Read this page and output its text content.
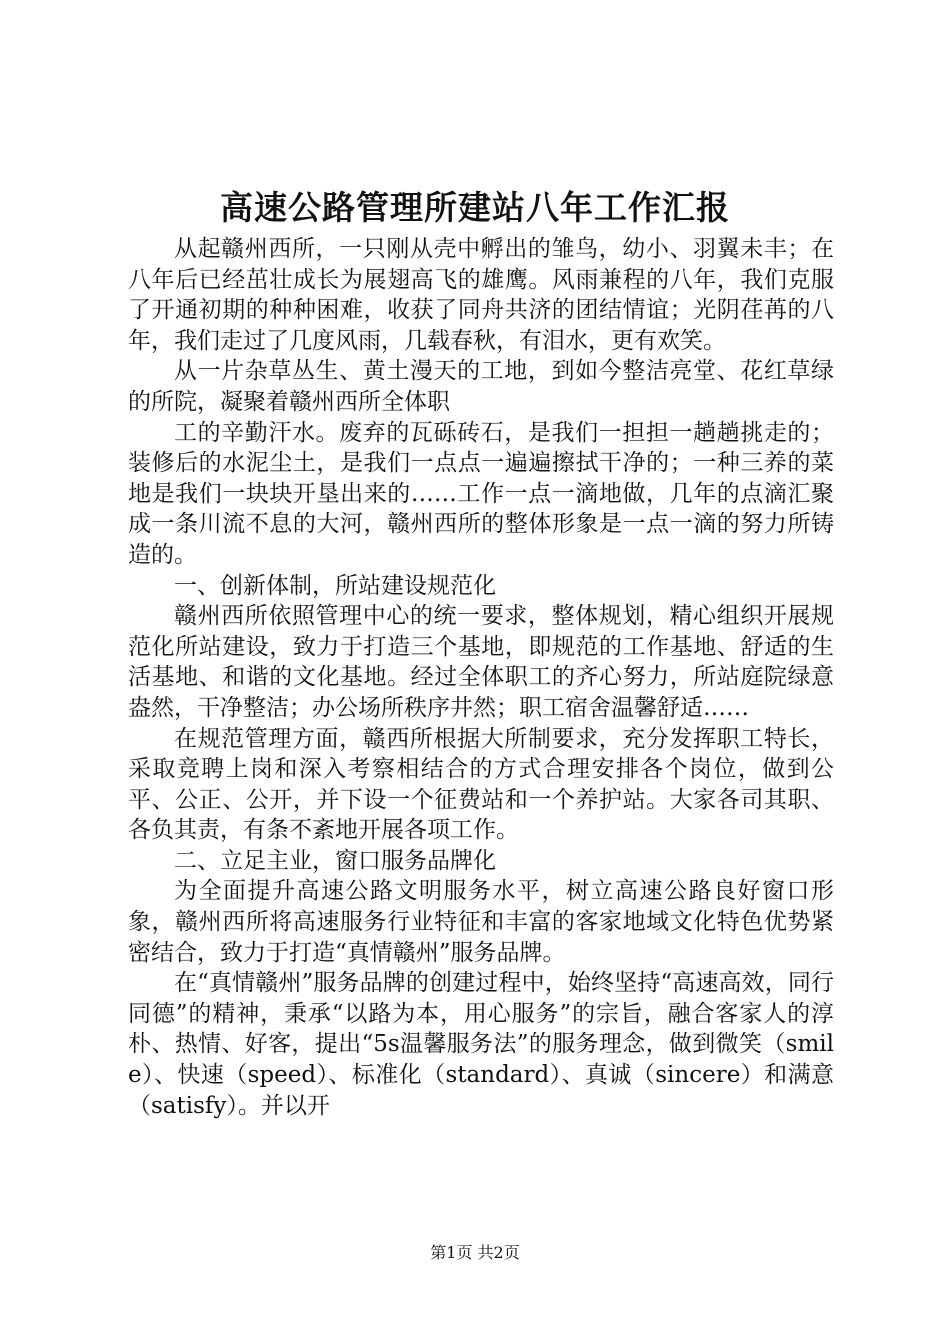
高速公路管理所建站八年工作汇报

从起赣州西所，一只刚从壳中孵出的雏鸟，幼小、羽翼未丰；在八年后已经茁壮成长为展翅高飞的雄鹰。风雨兼程的八年，我们克服了开通初期的种种困难，收获了同舟共济的团结情谊；光阴荏苒的八年，我们走过了几度风雨，几载春秋，有泪水，更有欢笑。

从一片杂草丛生、黄土漫天的工地，到如今整洁亮堂、花红草绿的所院，凝聚着赣州西所全体职

工的辛勤汗水。废弃的瓦砾砖石，是我们一担担一趟趟挑走的；装修后的水泥尘土，是我们一点点一遍遍擦拭干净的；一种三养的菜地是我们一块块开垦出来的……工作一点一滴地做，几年的点滴汇聚成一条川流不息的大河，赣州西所的整体形象是一点一滴的努力所铸造的。

一、创新体制，所站建设规范化

赣州西所依照管理中心的统一要求，整体规划，精心组织开展规范化所站建设，致力于打造三个基地，即规范的工作基地、舒适的生活基地、和谐的文化基地。经过全体职工的齐心努力，所站庭院绿意盎然，干净整洁；办公场所秩序井然；职工宿舍温馨舒适……

在规范管理方面，赣西所根据大所制要求，充分发挥职工特长，采取竞聘上岗和深入考察相结合的方式合理安排各个岗位，做到公平、公正、公开，并下设一个征费站和一个养护站。大家各司其职、各负其责，有条不紊地开展各项工作。

二、立足主业，窗口服务品牌化

为全面提升高速公路文明服务水平，树立高速公路良好窗口形象，赣州西所将高速服务行业特征和丰富的客家地域文化特色优势紧密结合，致力于打造“真情赣州”服务品牌。

在“真情赣州”服务品牌的创建过程中，始终坚持“高速高效，同行同德”的精神，秉承“以路为本，用心服务”的宗旨，融合客家人的淳朴、热情、好客，提出“5s温馨服务法”的服务理念，做到微笑（smile）、快速（speed）、标准化（standard）、真诚（sincere）和满意（satisfy）。并以开

第1页 共2页
